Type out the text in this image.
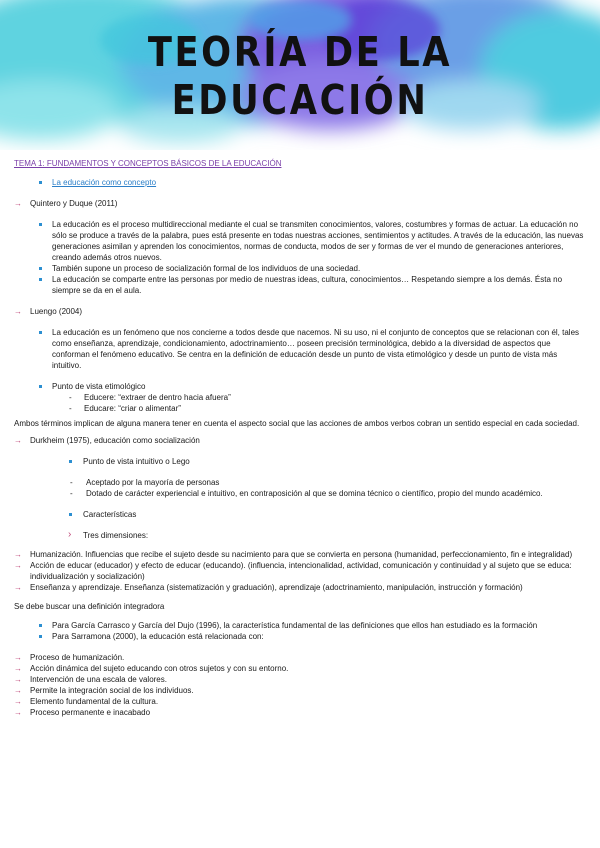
TEORÍA DE LA EDUCACIÓN

TEMA 1: FUNDAMENTOS Y CONCEPTOS BÁSICOS DE LA EDUCACIÓN

La educación como concepto

→ Quintero y Duque (2011)

La educación es el proceso multidireccional mediante el cual se transmiten conocimientos, valores, costumbres y formas de actuar. La educación no sólo se produce a través de la palabra, pues está presente en todas nuestras acciones, sentimientos y actitudes. A través de la educación, las nuevas generaciones asimilan y aprenden los conocimientos, normas de conducta, modos de ser y formas de ver el mundo de generaciones anteriores, creando además otros nuevos.

También supone un proceso de socialización formal de los individuos de una sociedad.

La educación se comparte entre las personas por medio de nuestras ideas, cultura, conocimientos… Respetando siempre a los demás. Ésta no siempre se da en el aula.

→ Luengo (2004)

La educación es un fenómeno que nos concierne a todos desde que nacemos. Ni su uso, ni el conjunto de conceptos que se relacionan con él, tales como enseñanza, aprendizaje, condicionamiento, adoctrinamiento… poseen precisión terminológica, debido a la diversidad de aspectos que conforman el fenómeno educativo. Se centra en la definición de educación desde un punto de vista etimológico y desde un punto de vista más intuitivo.

Punto de vista etimológico

- Educere: “extraer de dentro hacia afuera”

- Educare: “criar o alimentar”

Ambos términos implican de alguna manera tener en cuenta el aspecto social que las acciones de ambos verbos cobran un sentido especial en cada sociedad.

→ Durkheim (1975), educación como socialización

Punto de vista intuitivo o Lego

- Aceptado por la mayoría de personas

- Dotado de carácter experiencial e intuitivo, en contraposición al que se domina técnico o científico, propio del mundo académico.

Características

› Tres dimensiones:

→ Humanización. Influencias que recibe el sujeto desde su nacimiento para que se convierta en persona (humanidad, perfeccionamiento, fin e integralidad)

→ Acción de educar (educador) y efecto de educar (educando). (influencia, intencionalidad, actividad, comunicación y continuidad y al sujeto que se educa: individualización y socialización)

→ Enseñanza y aprendizaje. Enseñanza (sistematización y graduación), aprendizaje (adoctrinamiento, manipulación, instrucción y formación)

Se debe buscar una definición integradora

Para García Carrasco y García del Dujo (1996), la característica fundamental de las definiciones que ellos han estudiado es la formación

Para Sarramona (2000), la educación está relacionada con:

→ Proceso de humanización.

→ Acción dinámica del sujeto educando con otros sujetos y con su entorno.

→ Intervención de una escala de valores.

→ Permite la integración social de los individuos.

→ Elemento fundamental de la cultura.

→ Proceso permanente e inacabado
